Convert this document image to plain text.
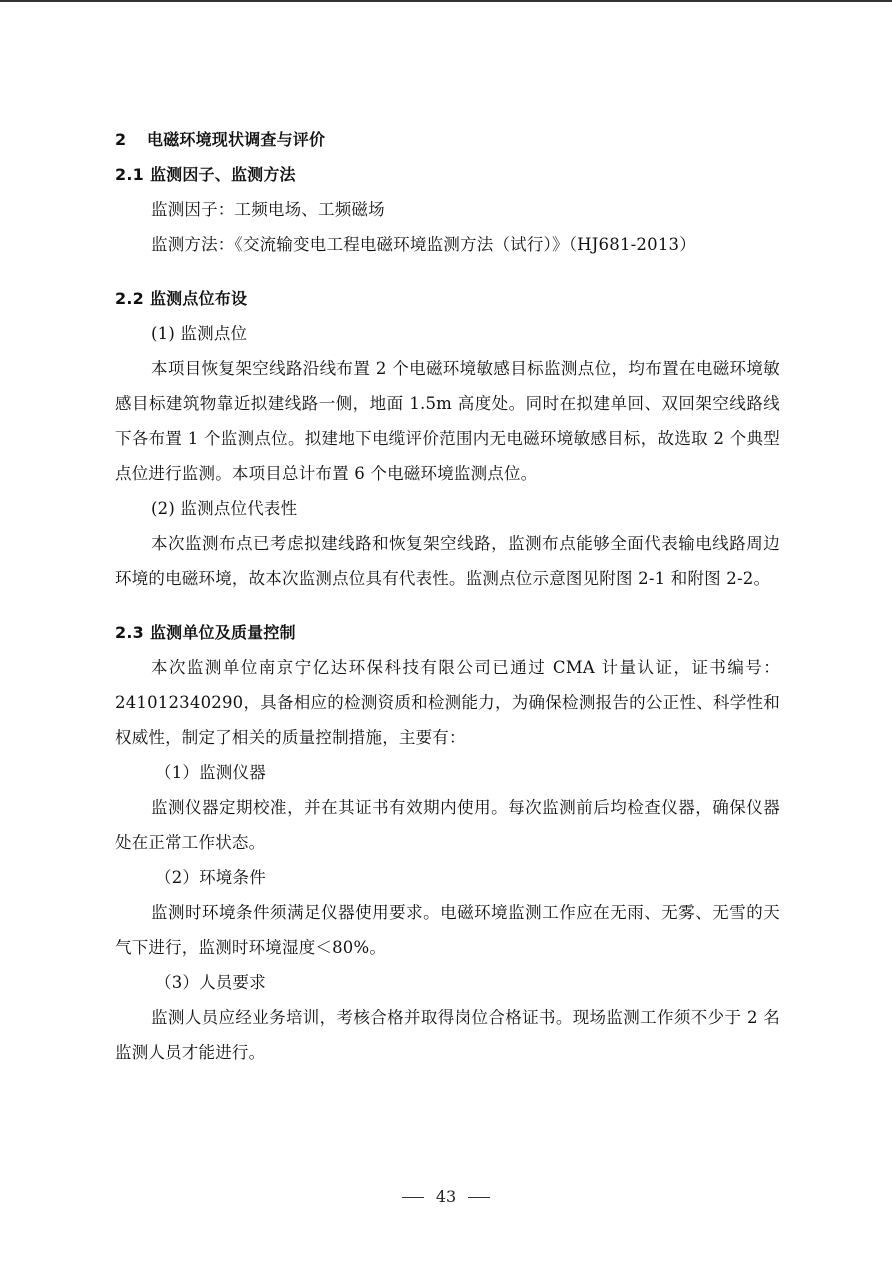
2 电磁环境现状调查与评价
2.1 监测因子、监测方法
监测因子：工频电场、工频磁场
监测方法：《交流输变电工程电磁环境监测方法（试行）》（HJ681-2013）
2.2 监测点位布设
(1) 监测点位
本项目恢复架空线路沿线布置 2 个电磁环境敏感目标监测点位，均布置在电磁环境敏感目标建筑物靠近拟建线路一侧，地面 1.5m 高度处。同时在拟建单回、双回架空线路线下各布置 1 个监测点位。拟建地下电缆评价范围内无电磁环境敏感目标，故选取 2 个典型点位进行监测。本项目总计布置 6 个电磁环境监测点位。
(2) 监测点位代表性
本次监测布点已考虑拟建线路和恢复架空线路，监测布点能够全面代表输电线路周边环境的电磁环境，故本次监测点位具有代表性。监测点位示意图见附图 2-1 和附图 2-2。
2.3 监测单位及质量控制
本次监测单位南京宁亿达环保科技有限公司已通过 CMA 计量认证，证书编号：241012340290，具备相应的检测资质和检测能力，为确保检测报告的公正性、科学性和权威性，制定了相关的质量控制措施，主要有：
（1）监测仪器
监测仪器定期校准，并在其证书有效期内使用。每次监测前后均检查仪器，确保仪器处在正常工作状态。
（2）环境条件
监测时环境条件须满足仪器使用要求。电磁环境监测工作应在无雨、无雾、无雪的天气下进行，监测时环境湿度＜80%。
（3）人员要求
监测人员应经业务培训，考核合格并取得岗位合格证书。现场监测工作须不少于 2 名监测人员才能进行。
43
